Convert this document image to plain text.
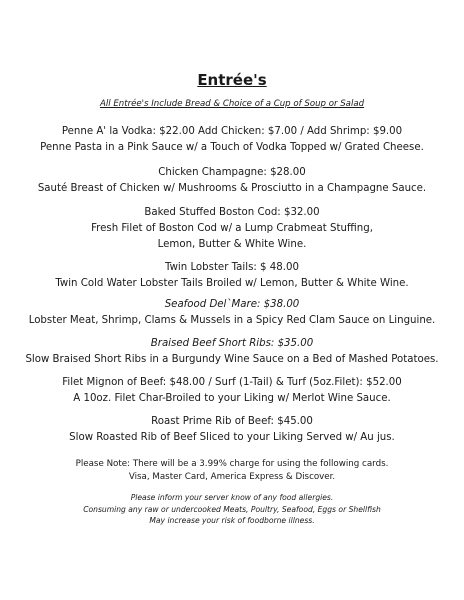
Entrée's
All Entrée's Include Bread & Choice of a Cup of Soup or Salad
Penne A' la Vodka: $22.00 Add Chicken: $7.00 / Add Shrimp: $9.00
Penne Pasta in a Pink Sauce w/ a Touch of Vodka Topped w/ Grated Cheese.
Chicken Champagne: $28.00
Sauté Breast of Chicken w/ Mushrooms & Prosciutto in a Champagne Sauce.
Baked Stuffed Boston Cod: $32.00
Fresh Filet of Boston Cod w/ a Lump Crabmeat Stuffing,
Lemon, Butter & White Wine.
Twin Lobster Tails: $ 48.00
Twin Cold Water Lobster Tails Broiled w/ Lemon, Butter & White Wine.
Seafood Del`Mare: $38.00
Lobster Meat, Shrimp, Clams & Mussels in a Spicy Red Clam Sauce on Linguine.
Braised Beef Short Ribs: $35.00
Slow Braised Short Ribs in a Burgundy Wine Sauce on a Bed of Mashed Potatoes.
Filet Mignon of Beef: $48.00 / Surf (1-Tail) & Turf (5oz.Filet): $52.00
A 10oz. Filet Char-Broiled to your Liking w/ Merlot Wine Sauce.
Roast Prime Rib of Beef: $45.00
Slow Roasted Rib of Beef Sliced to your Liking Served w/ Au jus.
Please Note: There will be a 3.99% charge for using the following cards.
Visa, Master Card, America Express & Discover.
Please inform your server know of any food allergies.
Consuming any raw or undercooked Meats, Poultry, Seafood, Eggs or Shellfish
May increase your risk of foodborne illness.
